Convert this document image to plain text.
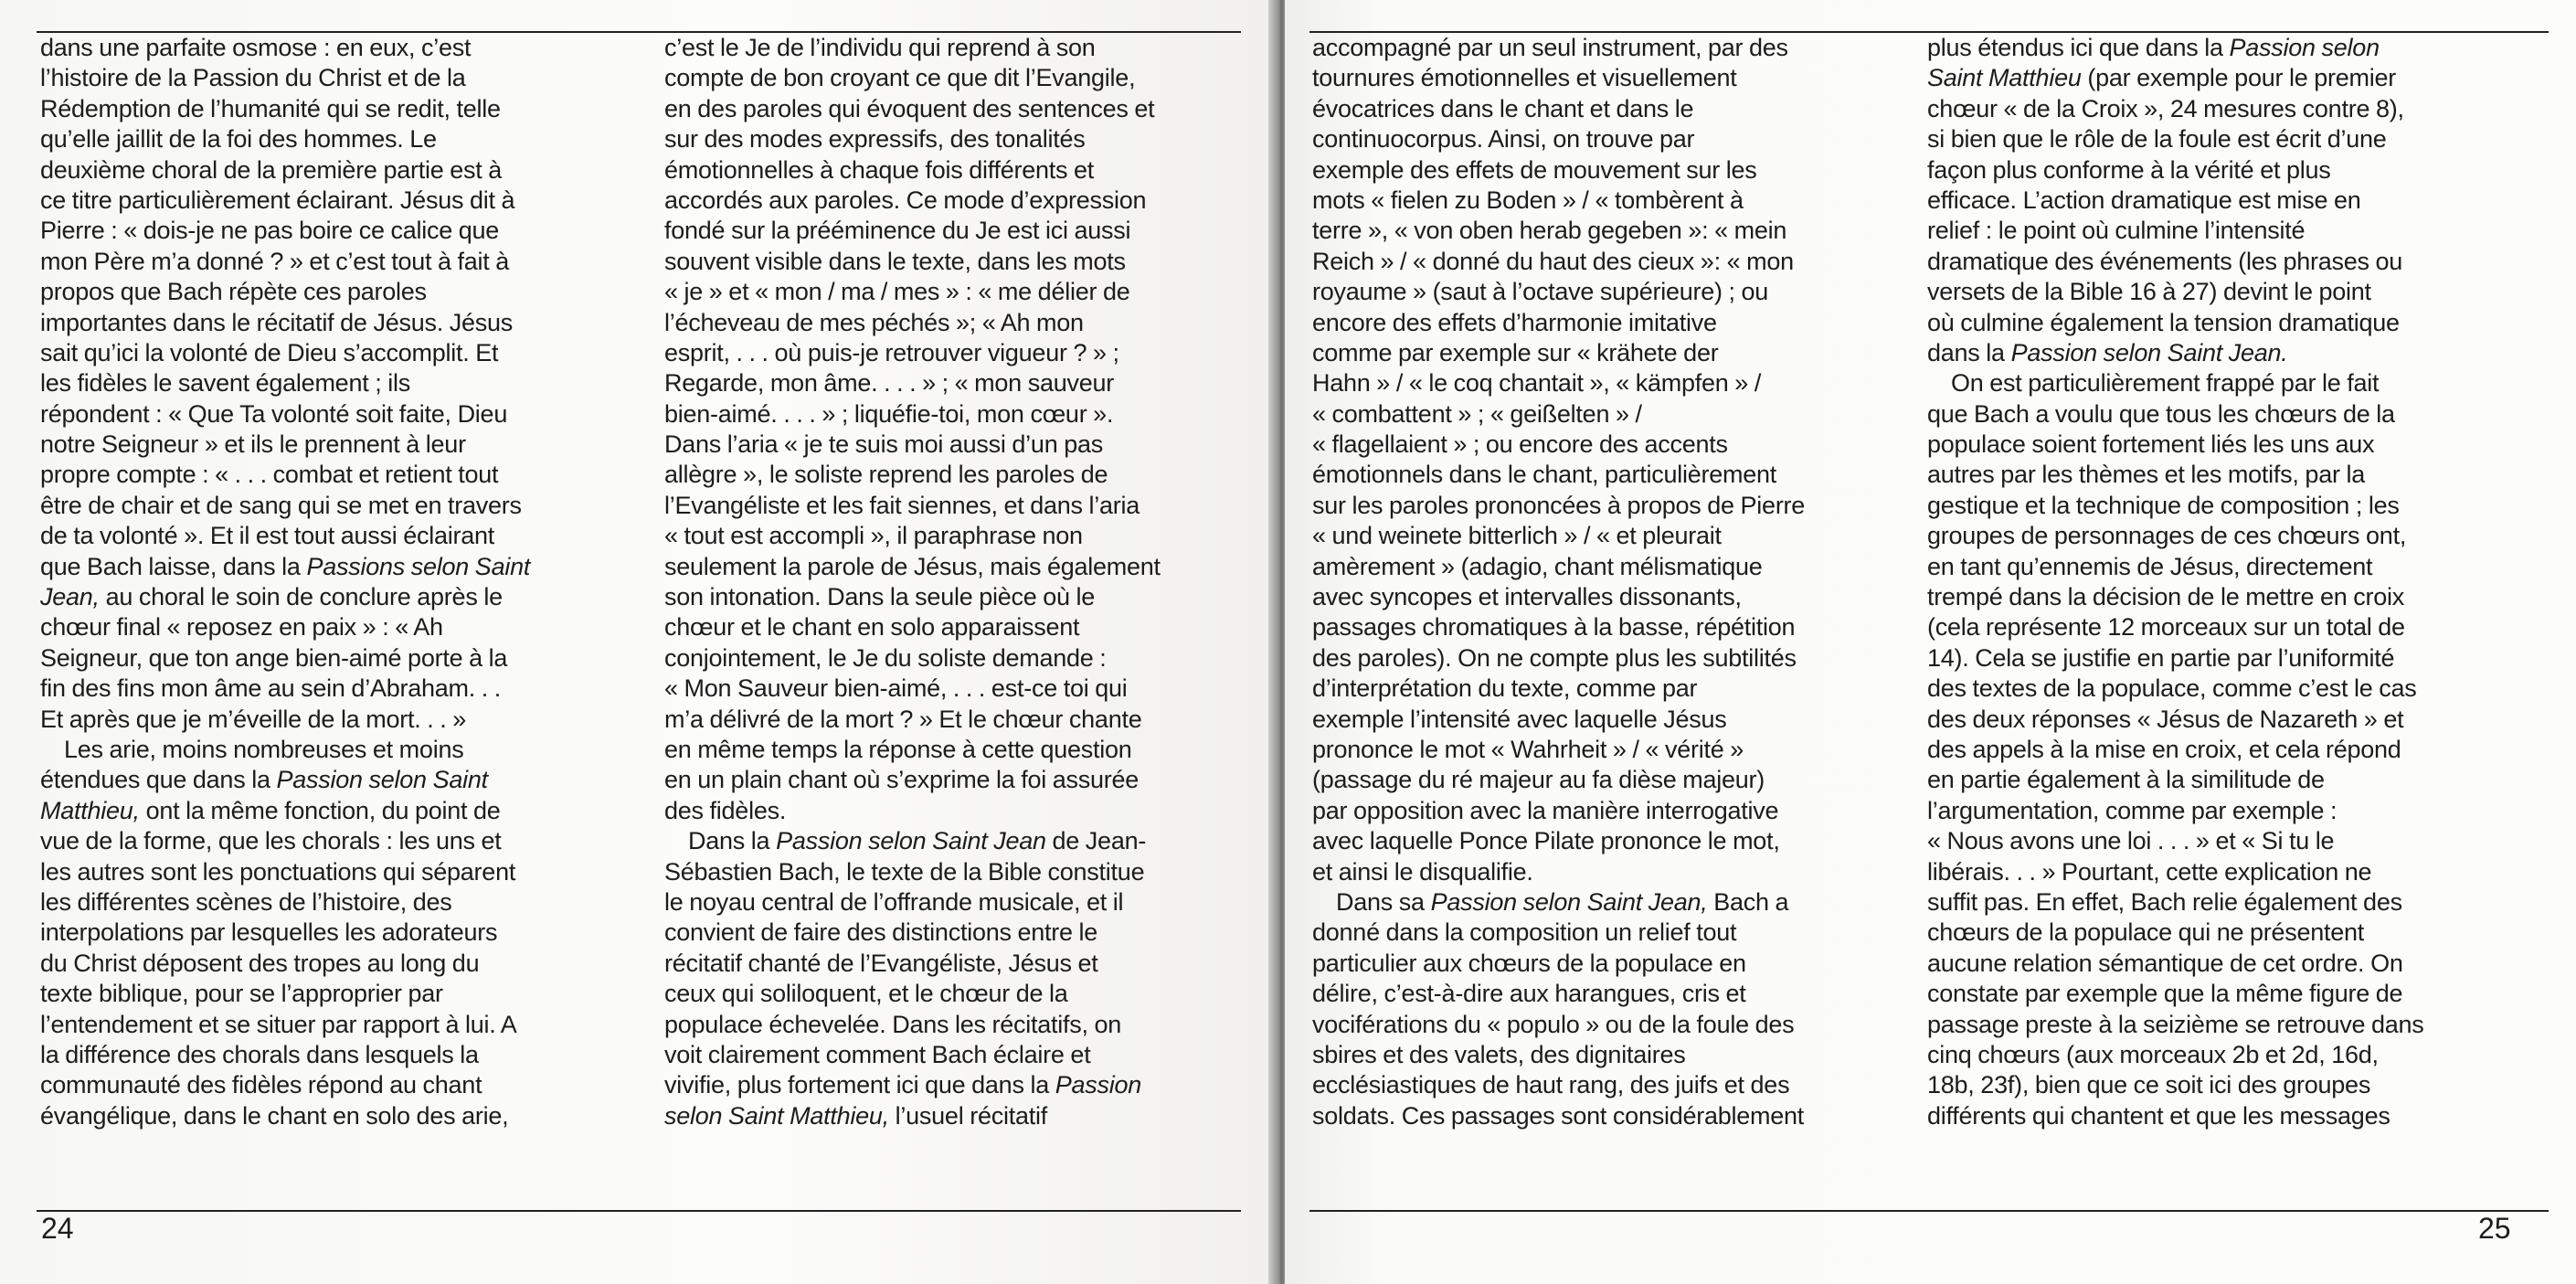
dans une parfaite osmose : en eux, c’est
l’histoire de la Passion du Christ et de la
Rédemption de l’humanité qui se redit, telle
qu’elle jaillit de la foi des hommes. Le
deuxième choral de la première partie est à
ce titre particulièrement éclairant. Jésus dit à
Pierre : « dois-je ne pas boire ce calice que
mon Père m’a donné ? » et c’est tout à fait à
propos que Bach répète ces paroles
importantes dans le récitatif de Jésus. Jésus
sait qu’ici la volonté de Dieu s’accomplit. Et
les fidèles le savent également ; ils
répondent : « Que Ta volonté soit faite, Dieu
notre Seigneur » et ils le prennent à leur
propre compte : « . . . combat et retient tout
être de chair et de sang qui se met en travers
de ta volonté ». Et il est tout aussi éclairant
que Bach laisse, dans la Passions selon Saint
Jean, au choral le soin de conclure après le
chœur final « reposez en paix » : « Ah
Seigneur, que ton ange bien-aimé porte à la
fin des fins mon âme au sein d’Abraham. . .
Et après que je m’éveille de la mort. . . »
Les arie, moins nombreuses et moins
étendues que dans la Passion selon Saint
Matthieu, ont la même fonction, du point de
vue de la forme, que les chorals : les uns et
les autres sont les ponctuations qui séparent
les différentes scènes de l’histoire, des
interpolations par lesquelles les adorateurs
du Christ déposent des tropes au long du
texte biblique, pour se l’approprier par
l’entendement et se situer par rapport à lui. A
la différence des chorals dans lesquels la
communauté des fidèles répond au chant
évangélique, dans le chant en solo des arie,
c’est le Je de l’individu qui reprend à son
compte de bon croyant ce que dit l’Evangile,
en des paroles qui évoquent des sentences et
sur des modes expressifs, des tonalités
émotionnelles à chaque fois différents et
accordés aux paroles. Ce mode d’expression
fondé sur la prééminence du Je est ici aussi
souvent visible dans le texte, dans les mots
« je » et « mon / ma / mes » : « me délier de
l’écheveau de mes péchés »; « Ah mon
esprit, . . . où puis-je retrouver vigueur ? » ;
Regarde, mon âme. . . . » ; « mon sauveur
bien-aimé. . . . » ; liquéfie-toi, mon cœur ».
Dans l’aria « je te suis moi aussi d’un pas
allègre », le soliste reprend les paroles de
l’Evangéliste et les fait siennes, et dans l’aria
« tout est accompli », il paraphrase non
seulement la parole de Jésus, mais également
son intonation. Dans la seule pièce où le
chœur et le chant en solo apparaissent
conjointement, le Je du soliste demande :
« Mon Sauveur bien-aimé, . . . est-ce toi qui
m’a délivré de la mort ? » Et le chœur chante
en même temps la réponse à cette question
en un plain chant où s’exprime la foi assurée
des fidèles.
Dans la Passion selon Saint Jean de Jean-
Sébastien Bach, le texte de la Bible constitue
le noyau central de l’offrande musicale, et il
convient de faire des distinctions entre le
récitatif chanté de l’Evangéliste, Jésus et
ceux qui soliloquent, et le chœur de la
populace échevelée. Dans les récitatifs, on
voit clairement comment Bach éclaire et
vivifie, plus fortement ici que dans la Passion
selon Saint Matthieu, l’usuel récitatif
24
accompagné par un seul instrument, par des
tournures émotionnelles et visuellement
évocatrices dans le chant et dans le
continuocorpus. Ainsi, on trouve par
exemple des effets de mouvement sur les
mots « fielen zu Boden » / « tombèrent à
terre », « von oben herab gegeben »: « mein
Reich » / « donné du haut des cieux »: « mon
royaume » (saut à l’octave supérieure) ; ou
encore des effets d’harmonie imitative
comme par exemple sur « krähete der
Hahn » / « le coq chantait », « kämpfen » /
« combattent » ; « geißelten » /
« flagellaient » ; ou encore des accents
émotionnels dans le chant, particulièrement
sur les paroles prononcées à propos de Pierre
« und weinete bitterlich » / « et pleurait
amèrement » (adagio, chant mélismatique
avec syncopes et intervalles dissonants,
passages chromatiques à la basse, répétition
des paroles). On ne compte plus les subtilités
d’interprétation du texte, comme par
exemple l’intensité avec laquelle Jésus
prononce le mot « Wahrheit » / « vérité »
(passage du ré majeur au fa dièse majeur)
par opposition avec la manière interrogative
avec laquelle Ponce Pilate prononce le mot,
et ainsi le disqualifie.
Dans sa Passion selon Saint Jean, Bach a
donné dans la composition un relief tout
particulier aux chœurs de la populace en
délire, c’est-à-dire aux harangues, cris et
vociférations du « populo » ou de la foule des
sbires et des valets, des dignitaires
ecclésiastiques de haut rang, des juifs et des
soldats. Ces passages sont considérablement
plus étendus ici que dans la Passion selon
Saint Matthieu (par exemple pour le premier
chœur « de la Croix », 24 mesures contre 8),
si bien que le rôle de la foule est écrit d’une
façon plus conforme à la vérité et plus
efficace. L’action dramatique est mise en
relief : le point où culmine l’intensité
dramatique des événements (les phrases ou
versets de la Bible 16 à 27) devint le point
où culmine également la tension dramatique
dans la Passion selon Saint Jean.
On est particulièrement frappé par le fait
que Bach a voulu que tous les chœurs de la
populace soient fortement liés les uns aux
autres par les thèmes et les motifs, par la
gestique et la technique de composition ; les
groupes de personnages de ces chœurs ont,
en tant qu’ennemis de Jésus, directement
trempé dans la décision de le mettre en croix
(cela représente 12 morceaux sur un total de
14). Cela se justifie en partie par l’uniformité
des textes de la populace, comme c’est le cas
des deux réponses « Jésus de Nazareth » et
des appels à la mise en croix, et cela répond
en partie également à la similitude de
l’argumentation, comme par exemple :
« Nous avons une loi . . . » et « Si tu le
libérais. . . » Pourtant, cette explication ne
suffit pas. En effet, Bach relie également des
chœurs de la populace qui ne présentent
aucune relation sémantique de cet ordre. On
constate par exemple que la même figure de
passage preste à la seizième se retrouve dans
cinq chœurs (aux morceaux 2b et 2d, 16d,
18b, 23f), bien que ce soit ici des groupes
différents qui chantent et que les messages
25
